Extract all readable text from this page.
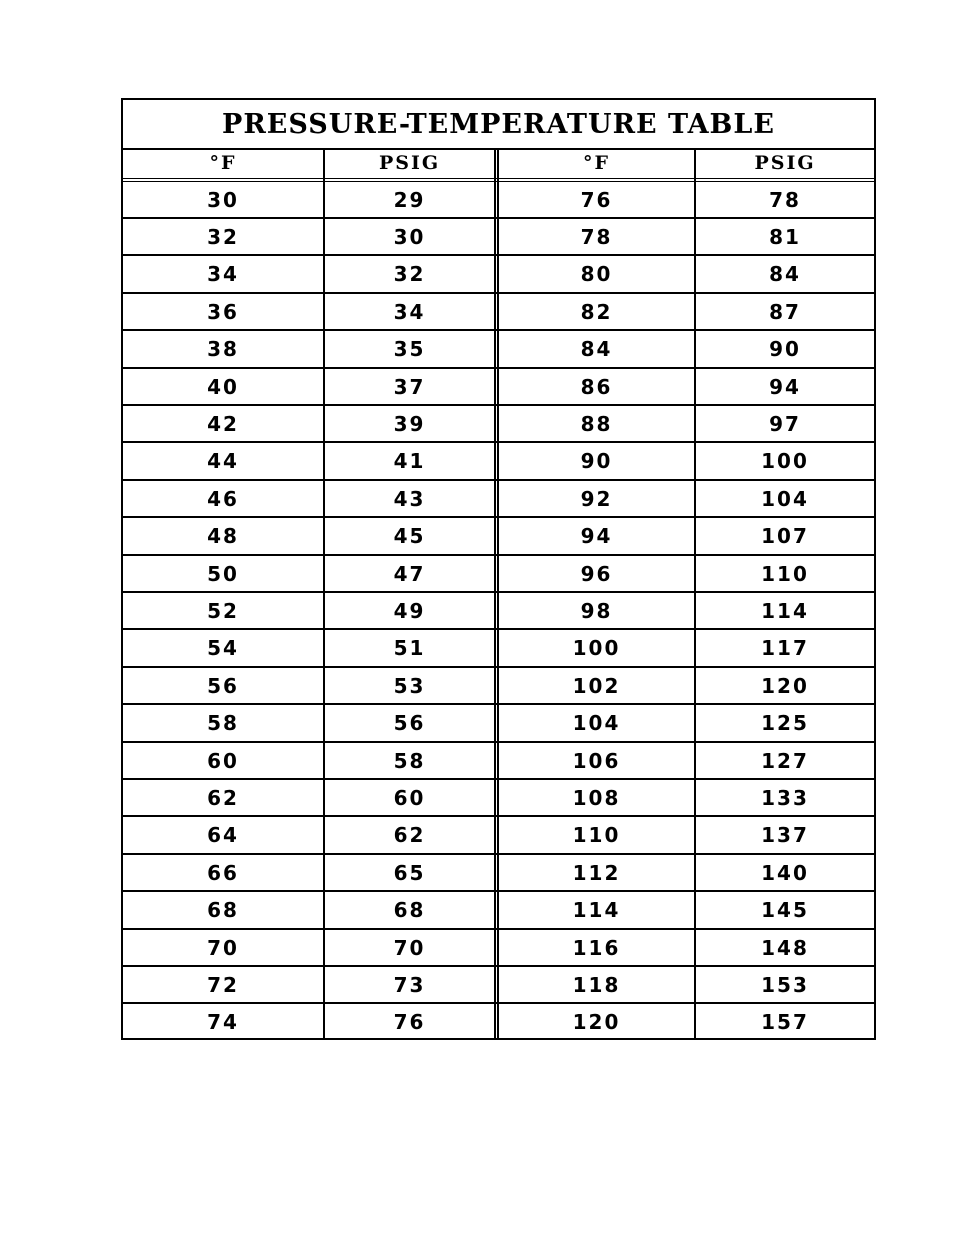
PRESSURE-TEMPERATURE TABLE
°F	PSIG	°F	PSIG
30	29	76	78
32	30	78	81
34	32	80	84
36	34	82	87
38	35	84	90
40	37	86	94
42	39	88	97
44	41	90	100
46	43	92	104
48	45	94	107
50	47	96	110
52	49	98	114
54	51	100	117
56	53	102	120
58	56	104	125
60	58	106	127
62	60	108	133
64	62	110	137
66	65	112	140
68	68	114	145
70	70	116	148
72	73	118	153
74	76	120	157
